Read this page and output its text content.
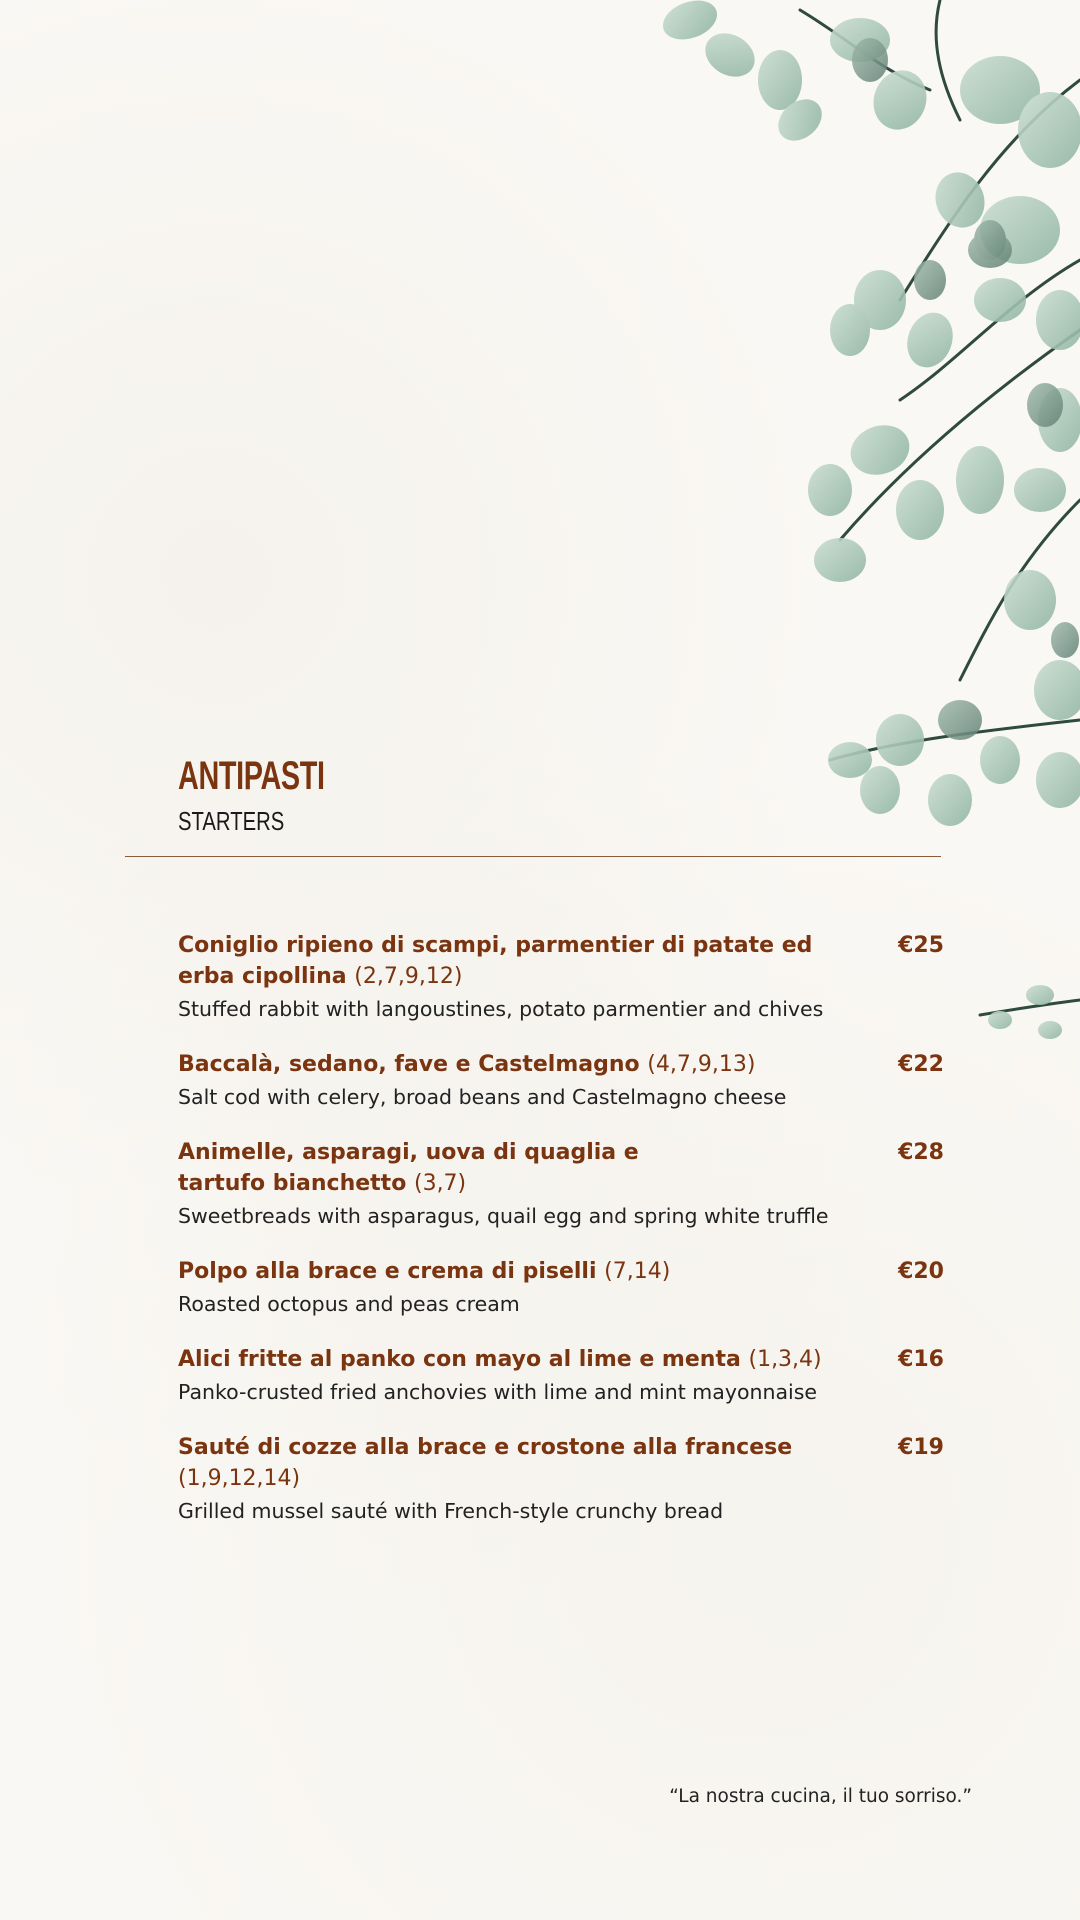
ANTIPASTI
STARTERS
Coniglio ripieno di scampi, parmentier di patate ed
erba cipollina (2,7,9,12)
€25
Stuffed rabbit with langoustines, potato parmentier and chives
Baccalà, sedano, fave e Castelmagno (4,7,9,13)	€22
Salt cod with celery, broad beans and Castelmagno cheese
Animelle, asparagi, uova di quaglia e
tartufo bianchetto (3,7)
€28
Sweetbreads with asparagus, quail egg and spring white truffle
Polpo alla brace e crema di piselli (7,14)	€20
Roasted octopus and peas cream
Alici fritte al panko con mayo al lime e menta (1,3,4)	€16
Panko-crusted fried anchovies with lime and mint mayonnaise
Sauté di cozze alla brace e crostone alla francese (1,9,12,14)
€19
Grilled mussel sauté with French-style crunchy bread
“La nostra cucina, il tuo sorriso.”
